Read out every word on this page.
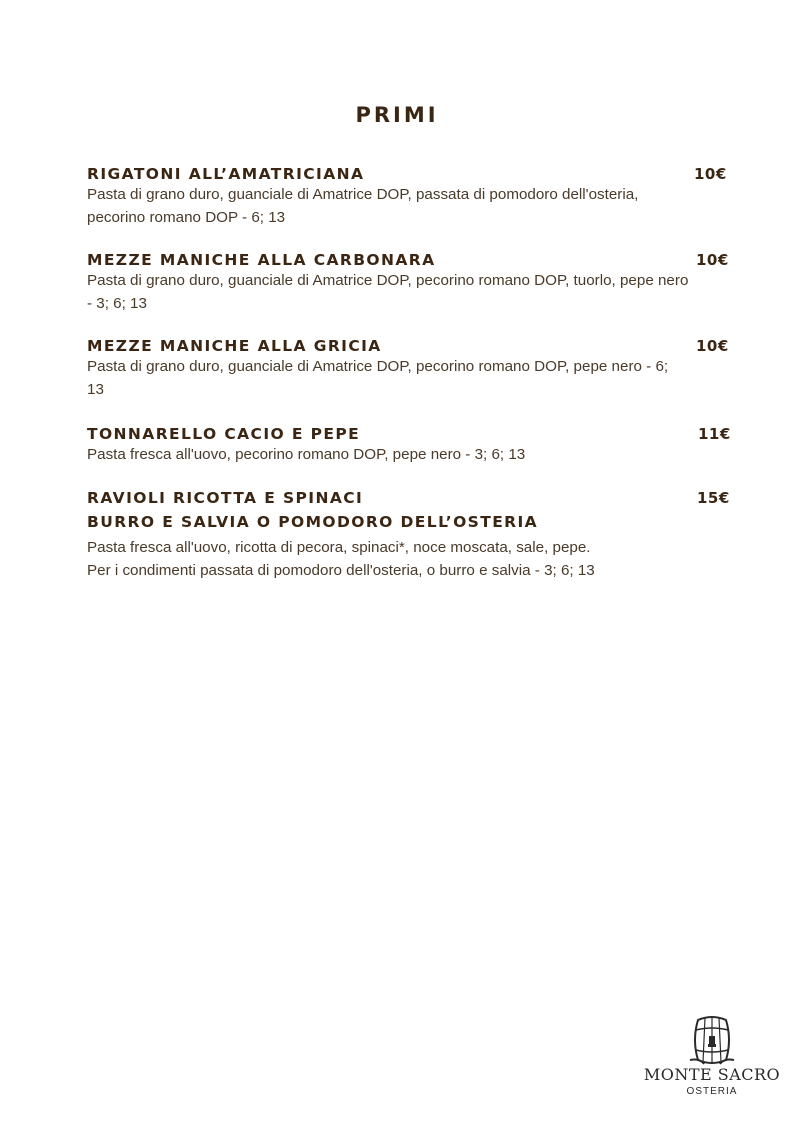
PRIMI
RIGATONI ALL’AMATRICIANA	10€
Pasta di grano duro, guanciale di Amatrice DOP, passata di pomodoro dell'osteria, pecorino romano DOP - 6; 13
MEZZE MANICHE ALLA CARBONARA	10€
Pasta di grano duro, guanciale di Amatrice DOP, pecorino romano DOP, tuorlo, pepe nero - 3; 6; 13
MEZZE MANICHE ALLA GRICIA	10€
Pasta di grano duro, guanciale di Amatrice DOP, pecorino romano DOP, pepe nero - 6; 13
TONNARELLO CACIO E PEPE	11€
Pasta fresca all'uovo, pecorino romano DOP, pepe nero - 3; 6; 13
RAVIOLI RICOTTA E SPINACI	15€
BURRO E SALVIA O POMODORO DELL’OSTERIA
Pasta fresca all'uovo, ricotta di pecora, spinaci*, noce moscata, sale, pepe.
Per i condimenti passata di pomodoro dell'osteria, o burro e salvia - 3; 6; 13
MONTE SACRO
OSTERIA
